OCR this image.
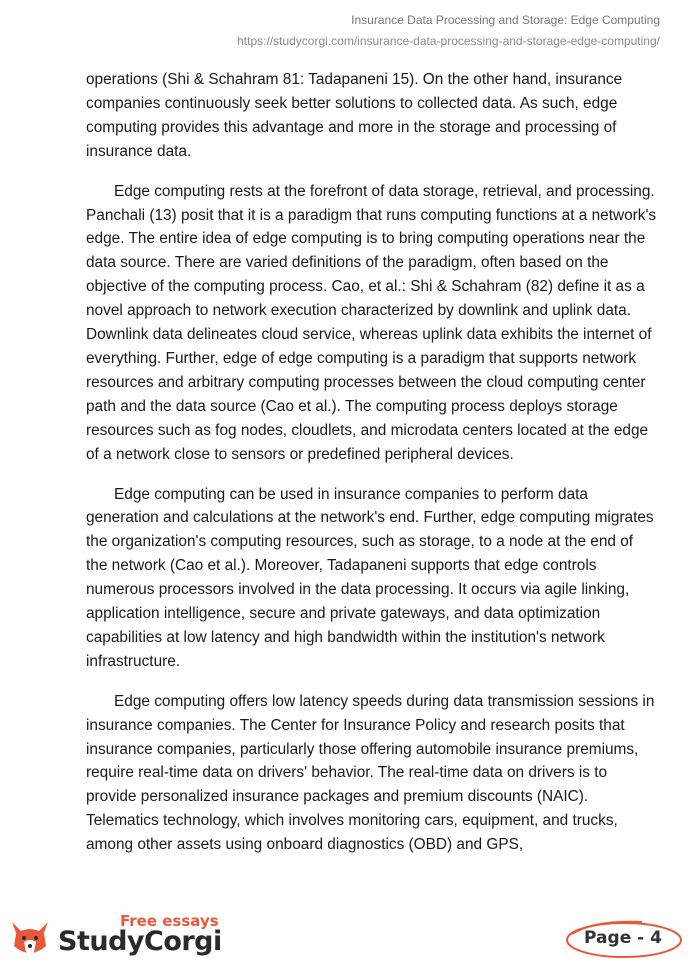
Insurance Data Processing and Storage: Edge Computing
https://studycorgi.com/insurance-data-processing-and-storage-edge-computing/

operations (Shi & Schahram 81: Tadapaneni 15). On the other hand, insurance companies continuously seek better solutions to collected data. As such, edge computing provides this advantage and more in the storage and processing of insurance data.

Edge computing rests at the forefront of data storage, retrieval, and processing. Panchali (13) posit that it is a paradigm that runs computing functions at a network's edge. The entire idea of edge computing is to bring computing operations near the data source. There are varied definitions of the paradigm, often based on the objective of the computing process. Cao, et al.: Shi & Schahram (82) define it as a novel approach to network execution characterized by downlink and uplink data. Downlink data delineates cloud service, whereas uplink data exhibits the internet of everything. Further, edge of edge computing is a paradigm that supports network resources and arbitrary computing processes between the cloud computing center path and the data source (Cao et al.). The computing process deploys storage resources such as fog nodes, cloudlets, and microdata centers located at the edge of a network close to sensors or predefined peripheral devices.

Edge computing can be used in insurance companies to perform data generation and calculations at the network's end. Further, edge computing migrates the organization's computing resources, such as storage, to a node at the end of the network (Cao et al.). Moreover, Tadapaneni supports that edge controls numerous processors involved in the data processing. It occurs via agile linking, application intelligence, secure and private gateways, and data optimization capabilities at low latency and high bandwidth within the institution's network infrastructure.

Edge computing offers low latency speeds during data transmission sessions in insurance companies. The Center for Insurance Policy and research posits that insurance companies, particularly those offering automobile insurance premiums, require real-time data on drivers' behavior. The real-time data on drivers is to provide personalized insurance packages and premium discounts (NAIC). Telematics technology, which involves monitoring cars, equipment, and trucks, among other assets using onboard diagnostics (OBD) and GPS,

Free essays
StudyCorgi	Page - 4
